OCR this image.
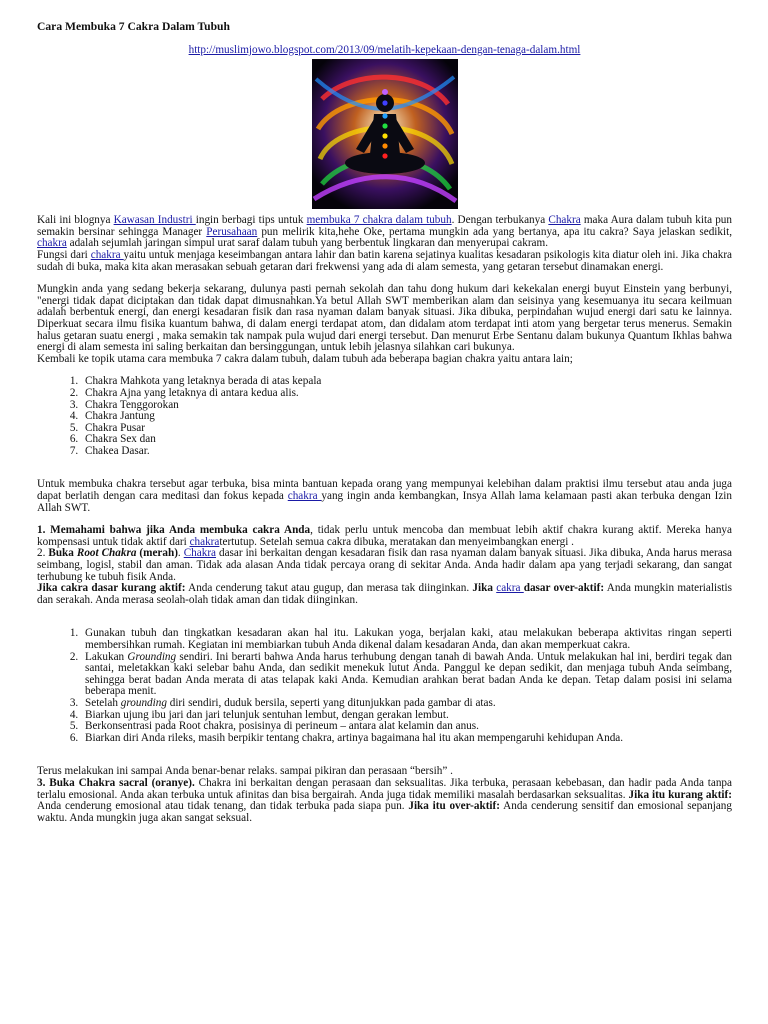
Cara Membuka 7 Cakra Dalam Tubuh

http://muslimjowo.blogspot.com/2013/09/melatih-kepekaan-dengan-tenaga-dalam.html

Kali ini blognya Kawasan Industri ingin berbagi tips untuk membuka 7 chakra dalam tubuh. Dengan terbukanya Chakra maka Aura dalam tubuh kita pun semakin bersinar sehingga Manager Perusahaan pun melirik kita,hehe Oke, pertama mungkin ada yang bertanya, apa itu cakra? Saya jelaskan sedikit, chakra adalah sejumlah jaringan simpul urat saraf dalam tubuh yang berbentuk lingkaran dan menyerupai cakram.

Fungsi dari chakra yaitu untuk menjaga keseimbangan antara lahir dan batin karena sejatinya kualitas kesadaran psikologis kita diatur oleh ini. Jika chakra sudah di buka, maka kita akan merasakan sebuah getaran dari frekwensi yang ada di alam semesta, yang getaran tersebut dinamakan energi.

Mungkin anda yang sedang bekerja sekarang, dulunya pasti pernah sekolah dan tahu dong hukum dari kekekalan energi buyut Einstein yang berbunyi, "energi tidak dapat diciptakan dan tidak dapat dimusnahkan.Ya betul Allah SWT memberikan alam dan seisinya yang kesemuanya itu secara keilmuan adalah berbentuk energi, dan energi kesadaran fisik dan rasa nyaman dalam banyak situasi. Jika dibuka, perpindahan wujud energi dari satu ke lainnya. Diperkuat secara ilmu fisika kuantum bahwa, di dalam energi terdapat atom, dan didalam atom terdapat inti atom yang bergetar terus menerus. Semakin halus getaran suatu energi , maka semakin tak nampak pula wujud dari energi tersebut. Dan menurut Erbe Sentanu dalam bukunya Quantum Ikhlas bahwa energi di alam semesta ini saling berkaitan dan bersinggungan, untuk lebih jelasnya silahkan cari bukunya.

Kembali ke topik utama cara membuka 7 cakra dalam tubuh, dalam tubuh ada beberapa bagian chakra yaitu antara lain;

1. Chakra Mahkota yang letaknya berada di atas kepala
2. Chakra Ajna yang letaknya di antara kedua alis.
3. Chakra Tenggorokan
4. Chakra Jantung
5. Chakra Pusar
6. Chakra Sex dan
7. Chakea Dasar.

Untuk membuka chakra tersebut agar terbuka, bisa minta bantuan kepada orang yang mempunyai kelebihan dalam praktisi ilmu tersebut atau anda juga dapat berlatih dengan cara meditasi dan fokus kepada chakra yang ingin anda kembangkan, Insya Allah lama kelamaan pasti akan terbuka dengan Izin Allah SWT.

1. Memahami bahwa jika Anda membuka cakra Anda, tidak perlu untuk mencoba dan membuat lebih aktif chakra kurang aktif. Mereka hanya kompensasi untuk tidak aktif dari chakratertutup. Setelah semua cakra dibuka, meratakan dan menyeimbangkan energi .

2. Buka Root Chakra (merah). Chakra dasar ini berkaitan dengan kesadaran fisik dan rasa nyaman dalam banyak situasi. Jika dibuka, Anda harus merasa seimbang, logisl, stabil dan aman. Tidak ada alasan Anda tidak percaya orang di sekitar Anda. Anda hadir dalam apa yang terjadi sekarang, dan sangat terhubung ke tubuh fisik Anda.

Jika cakra dasar kurang aktif: Anda cenderung takut atau gugup, dan merasa tak diinginkan. Jika cakra dasar over-aktif: Anda mungkin materialistis dan serakah. Anda merasa seolah-olah tidak aman dan tidak diinginkan.

1. Gunakan tubuh dan tingkatkan kesadaran akan hal itu. Lakukan yoga, berjalan kaki, atau melakukan beberapa aktivitas ringan seperti membersihkan rumah. Kegiatan ini membiarkan tubuh Anda dikenal dalam kesadaran Anda, dan akan memperkuat cakra.
2. Lakukan Grounding sendiri. Ini berarti bahwa Anda harus terhubung dengan tanah di bawah Anda. Untuk melakukan hal ini, berdiri tegak dan santai, meletakkan kaki selebar bahu Anda, dan sedikit menekuk lutut Anda. Panggul ke depan sedikit, dan menjaga tubuh Anda seimbang, sehingga berat badan Anda merata di atas telapak kaki Anda. Kemudian arahkan berat badan Anda ke depan. Tetap dalam posisi ini selama beberapa menit.
3. Setelah grounding diri sendiri, duduk bersila, seperti yang ditunjukkan pada gambar di atas.
4. Biarkan ujung ibu jari dan jari telunjuk sentuhan lembut, dengan gerakan lembut.
5. Berkonsentrasi pada Root chakra, posisinya di perineum – antara alat kelamin dan anus.
6. Biarkan diri Anda rileks, masih berpikir tentang chakra, artinya bagaimana hal itu akan mempengaruhi kehidupan Anda.

Terus melakukan ini sampai Anda benar-benar relaks. sampai pikiran dan perasaan “bersih” .

3. Buka Chakra sacral (oranye). Chakra ini berkaitan dengan perasaan dan seksualitas. Jika terbuka, perasaan kebebasan, dan hadir pada Anda tanpa terlalu emosional. Anda akan terbuka untuk afinitas dan bisa bergairah. Anda juga tidak memiliki masalah berdasarkan seksualitas. Jika itu kurang aktif: Anda cenderung emosional atau tidak tenang, dan tidak terbuka pada siapa pun. Jika itu over-aktif: Anda cenderung sensitif dan emosional sepanjang waktu. Anda mungkin juga akan sangat seksual.
